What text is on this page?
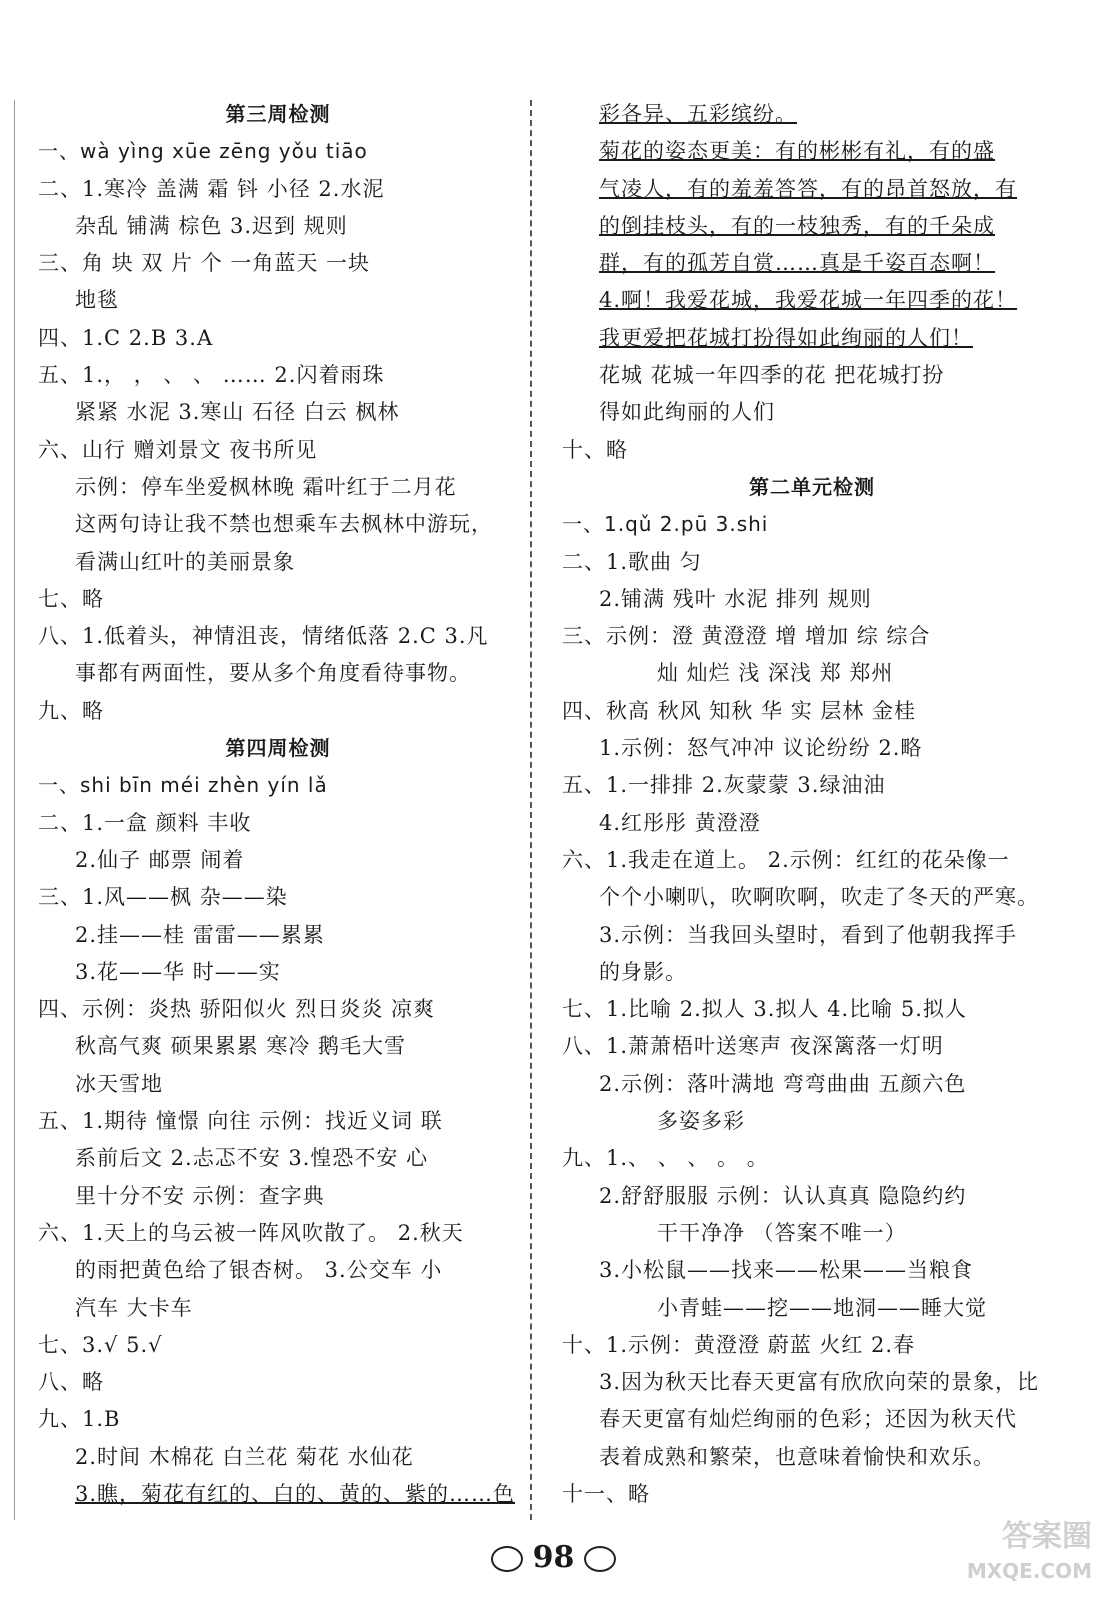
第三周检测
一、wà yìng xūe zēng yǒu tiāo
二、1.寒冷 盖满 霜 钭 小径 2.水泥
杂乱 铺满 棕色 3.迟到 规则
三、角 块 双 片 个 一角蓝天 一块
地毯
四、1.C 2.B 3.A
五、1.， ， 、 、 …… 2.闪着雨珠
紧紧 水泥 3.寒山 石径 白云 枫林
六、山行 赠刘景文 夜书所见
示例：停车坐爱枫林晚 霜叶红于二月花
这两句诗让我不禁也想乘车去枫林中游玩，
看满山红叶的美丽景象
七、略
八、1.低着头，神情沮丧，情绪低落 2.C 3.凡
事都有两面性，要从多个角度看待事物。
九、略
第四周检测
一、shi bīn méi zhèn yín lǎ
二、1.一盒 颜料 丰收
2.仙子 邮票 闹着
三、1.风——枫 杂——染
2.挂——桂 雷雷——累累
3.花——华 时——实
四、示例：炎热 骄阳似火 烈日炎炎 凉爽
秋高气爽 硕果累累 寒冷 鹅毛大雪
冰天雪地
五、1.期待 憧憬 向往 示例：找近义词 联
系前后文 2.忐忑不安 3.惶恐不安 心
里十分不安 示例：查字典
六、1.天上的乌云被一阵风吹散了。 2.秋天
的雨把黄色给了银杏树。 3.公交车 小
汽车 大卡车
七、3.√ 5.√
八、略
九、1.B
2.时间 木棉花 白兰花 菊花 水仙花
3.瞧，菊花有红的、白的、黄的、紫的……色
彩各异、五彩缤纷。
菊花的姿态更美：有的彬彬有礼，有的盛
气凌人，有的羞羞答答，有的昂首怒放，有
的倒挂枝头，有的一枝独秀，有的千朵成
群，有的孤芳自赏……真是千姿百态啊！
4.啊！我爱花城，我爱花城一年四季的花！
我更爱把花城打扮得如此绚丽的人们！
花城 花城一年四季的花 把花城打扮
得如此绚丽的人们
十、略
第二单元检测
一、1.qǔ 2.pū 3.shi
二、1.歌曲 匀
2.铺满 残叶 水泥 排列 规则
三、示例：澄 黄澄澄 增 增加 综 综合
灿 灿烂 浅 深浅 郑 郑州
四、秋高 秋风 知秋 华 实 层林 金桂
1.示例：怒气冲冲 议论纷纷 2.略
五、1.一排排 2.灰蒙蒙 3.绿油油
4.红彤彤 黄澄澄
六、1.我走在道上。 2.示例：红红的花朵像一
个个小喇叭，吹啊吹啊，吹走了冬天的严寒。
3.示例：当我回头望时，看到了他朝我挥手
的身影。
七、1.比喻 2.拟人 3.拟人 4.比喻 5.拟人
八、1.萧萧梧叶送寒声 夜深篱落一灯明
2.示例：落叶满地 弯弯曲曲 五颜六色
多姿多彩
九、1.、 、 、 。 。
2.舒舒服服 示例：认认真真 隐隐约约
干干净净 （答案不唯一）
3.小松鼠——找来——松果——当粮食
小青蛙——挖——地洞——睡大觉
十、1.示例：黄澄澄 蔚蓝 火红 2.春
3.因为秋天比春天更富有欣欣向荣的景象，比
春天更富有灿烂绚丽的色彩；还因为秋天代
表着成熟和繁荣，也意味着愉快和欢乐。
十一、略
98
答案圈
MXQE.COM
